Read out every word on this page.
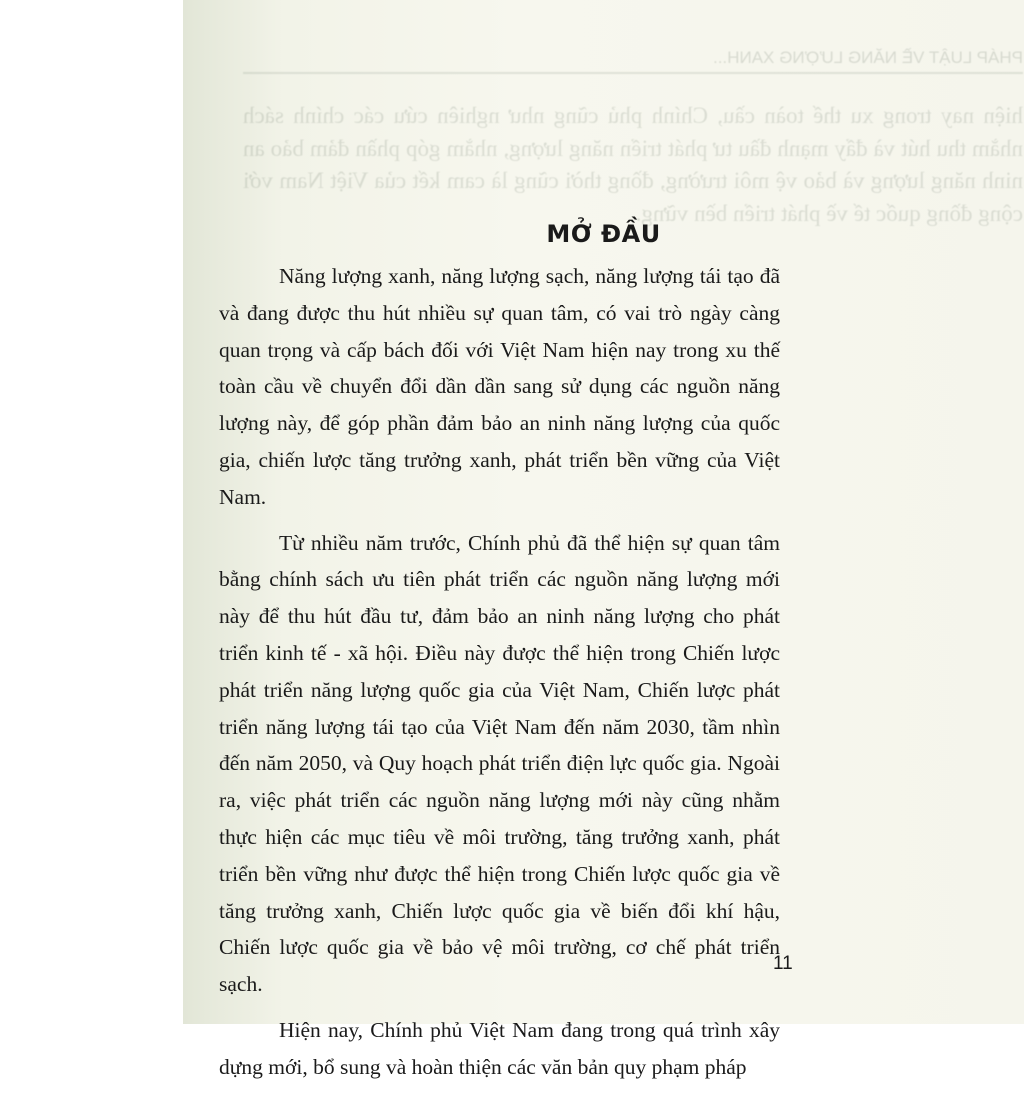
PHÁP LUẬT VỀ NĂNG LƯỢNG XANH...
hiện nay trong xu thế toàn cầu, Chính phủ cũng như nghiên cứu các chính sách nhằm thu hút và đẩy mạnh đầu tư phát triển năng lượng, nhằm góp phần đảm bảo an ninh năng lượng và bảo vệ môi trường, đồng thời cũng là cam kết của Việt Nam với cộng đồng quốc tế về phát triển bền vững.
MỞ ĐẦU

Năng lượng xanh, năng lượng sạch, năng lượng tái tạo đã và đang được thu hút nhiều sự quan tâm, có vai trò ngày càng quan trọng và cấp bách đối với Việt Nam hiện nay trong xu thế toàn cầu về chuyển đổi dần dần sang sử dụng các nguồn năng lượng này, để góp phần đảm bảo an ninh năng lượng của quốc gia, chiến lược tăng trưởng xanh, phát triển bền vững của Việt Nam.

Từ nhiều năm trước, Chính phủ đã thể hiện sự quan tâm bằng chính sách ưu tiên phát triển các nguồn năng lượng mới này để thu hút đầu tư, đảm bảo an ninh năng lượng cho phát triển kinh tế - xã hội. Điều này được thể hiện trong Chiến lược phát triển năng lượng quốc gia của Việt Nam, Chiến lược phát triển năng lượng tái tạo của Việt Nam đến năm 2030, tầm nhìn đến năm 2050, và Quy hoạch phát triển điện lực quốc gia. Ngoài ra, việc phát triển các nguồn năng lượng mới này cũng nhằm thực hiện các mục tiêu về môi trường, tăng trưởng xanh, phát triển bền vững như được thể hiện trong Chiến lược quốc gia về tăng trưởng xanh, Chiến lược quốc gia về biến đổi khí hậu, Chiến lược quốc gia về bảo vệ môi trường, cơ chế phát triển sạch.

Hiện nay, Chính phủ Việt Nam đang trong quá trình xây dựng mới, bổ sung và hoàn thiện các văn bản quy phạm pháp

11
